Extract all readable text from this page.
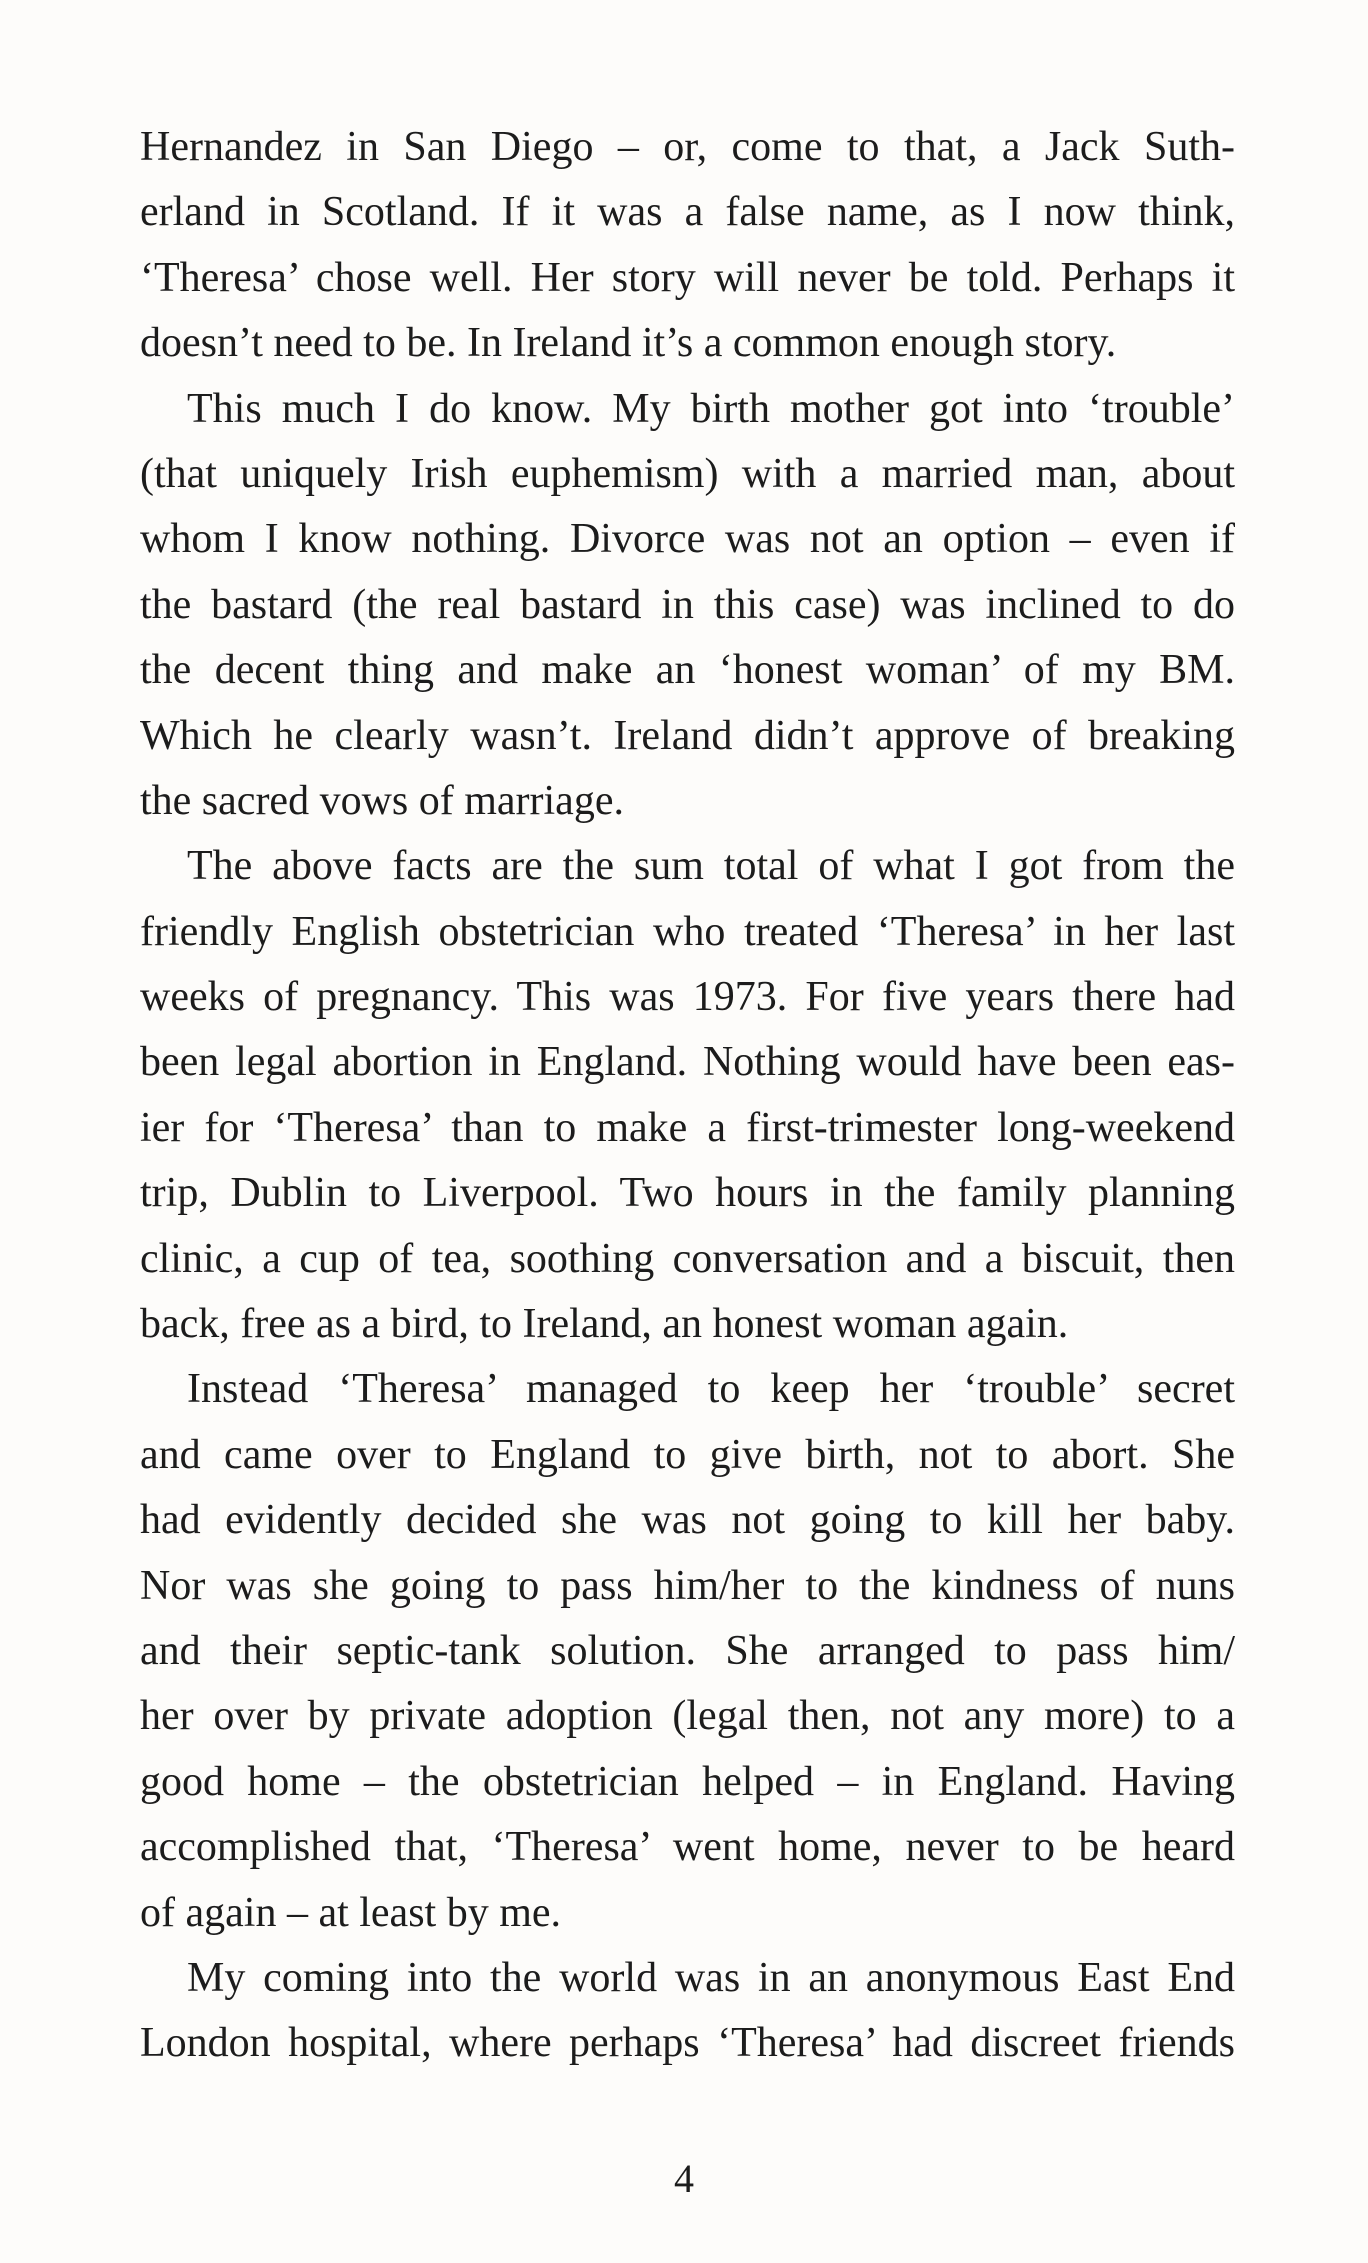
Hernandez in San Diego – or, come to that, a Jack Suth-
erland in Scotland. If it was a false name, as I now think,
‘Theresa’ chose well. Her story will never be told. Perhaps it
doesn’t need to be. In Ireland it’s a common enough story.
This much I do know. My birth mother got into ‘trouble’
(that uniquely Irish euphemism) with a married man, about
whom I know nothing. Divorce was not an option – even if
the bastard (the real bastard in this case) was inclined to do
the decent thing and make an ‘honest woman’ of my BM.
Which he clearly wasn’t. Ireland didn’t approve of breaking
the sacred vows of marriage.
The above facts are the sum total of what I got from the
friendly English obstetrician who treated ‘Theresa’ in her last
weeks of pregnancy. This was 1973. For five years there had
been legal abortion in England. Nothing would have been eas-
ier for ‘Theresa’ than to make a first-trimester long-weekend
trip, Dublin to Liverpool. Two hours in the family planning
clinic, a cup of tea, soothing conversation and a biscuit, then
back, free as a bird, to Ireland, an honest woman again.
Instead ‘Theresa’ managed to keep her ‘trouble’ secret
and came over to England to give birth, not to abort. She
had evidently decided she was not going to kill her baby.
Nor was she going to pass him/her to the kindness of nuns
and their septic-tank solution. She arranged to pass him/
her over by private adoption (legal then, not any more) to a
good home – the obstetrician helped – in England. Having
accomplished that, ‘Theresa’ went home, never to be heard
of again – at least by me.
My coming into the world was in an anonymous East End
London hospital, where perhaps ‘Theresa’ had discreet friends
4
